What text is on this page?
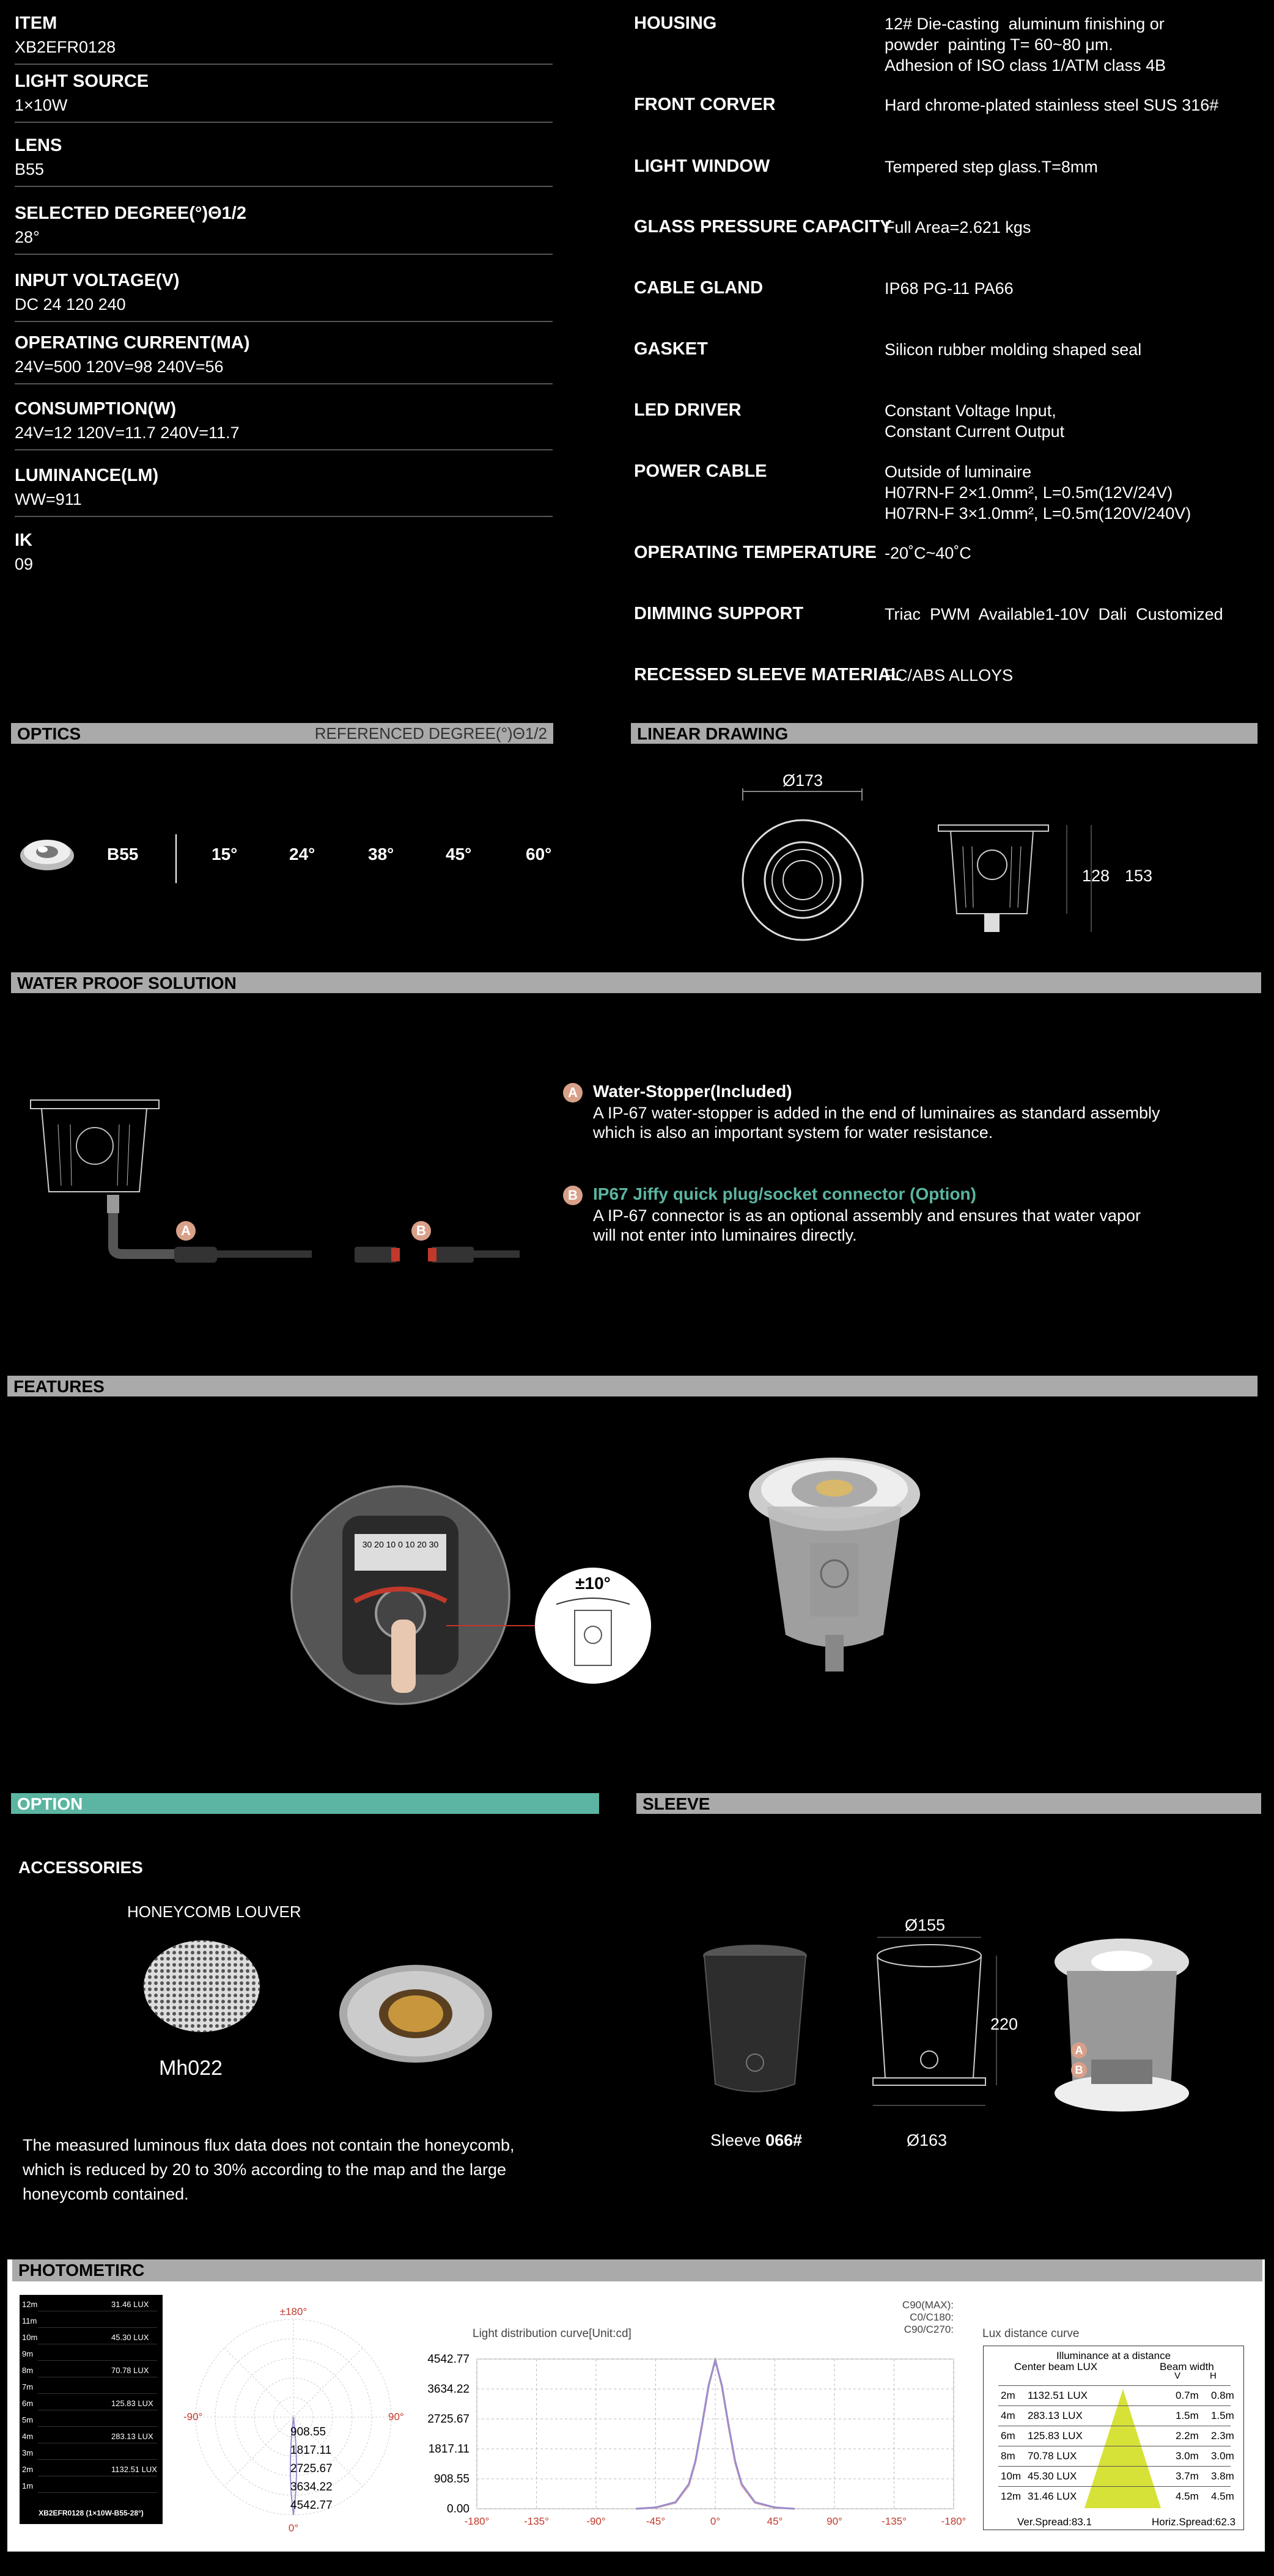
ITEM
XB2EFR0128
LIGHT SOURCE
1×10W
LENS
B55
SELECTED DEGREE(°)Θ1/2
28°
INPUT VOLTAGE(V)
DC 24 120 240
OPERATING CURRENT(MA)
24V=500 120V=98 240V=56
CONSUMPTION(W)
24V=12 120V=11.7 240V=11.7
LUMINANCE(LM)
WW=911
IK
09
HOUSING	12# Die-casting  aluminum finishing or
powder  painting T= 60~80 μm.
Adhesion of ISO class 1/ATM class 4B
FRONT CORVER	Hard chrome-plated stainless steel SUS 316#
LIGHT WINDOW	Tempered step glass.T=8mm
GLASS PRESSURE CAPACITY
Full Area=2.621 kgs
CABLE GLAND	IP68 PG-11 PA66
GASKET	Silicon rubber molding shaped seal
LED DRIVER	Constant Voltage Input,
Constant Current Output
POWER CABLE	Outside of luminaire
H07RN-F 2×1.0mm², L=0.5m(12V/24V)
H07RN-F 3×1.0mm², L=0.5m(120V/240V)
OPERATING TEMPERATURE -20˚C~40˚C
DIMMING SUPPORT	Triac  PWM  Available1-10V  Dali  Customized
RECESSED SLEEVE MATERIAL
PC/ABS ALLOYS
OPTICS	REFERENCED DEGREE(°)Θ1/2	LINEAR DRAWING
B55	15°	24°	38°	45°	60°
Ø173
128 153
WATER PROOF SOLUTION
A	B
A Water-Stopper(Included)
A IP-67 water-stopper is added in the end of luminaires as standard assembly
which is also an important system for water resistance.
B IP67 Jiffy quick plug/socket connector (Option)
A IP-67 connector is as an optional assembly and ensures that water vapor
will not enter into luminaires directly.
FEATURES
30 20 10 0 10 20 30
±10°
OPTION	SLEEVE
ACCESSORIES
HONEYCOMB LOUVER
Mh022
The measured luminous flux data does not contain the honeycomb,
which is reduced by 20 to 30% according to the map and the large
honeycomb contained.
Sleeve 066#
Ø155
220
Ø163
A
B
PHOTOMETIRC
12m	31.46 LUX
11m
10m	45.30 LUX
9m
8m	70.78 LUX
7m
6m	125.83 LUX
5m
4m	283.13 LUX
3m
2m	1132.51 LUX
1m
XB2EFR0128 (1×10W-B55-28°)
±180°
-90°	90°
0°
908.55
1817.11
2725.67
3634.22
4542.77
Light distribution curve[Unit:cd]
C90(MAX):
C0/C180:
C90/C270:
4542.77
3634.22
2725.67
1817.11
908.55
0.00
-180°	-135°	-90°	-45°	0°	45°	90°	-135°	-180°
Lux distance curve
Illuminance at a distance
Center beam LUX	Beam width
V	H
2m 1132.51 LUX	0.7m 0.8m
4m 283.13 LUX	1.5m 1.5m
6m 125.83 LUX	2.2m 2.3m
8m 70.78 LUX	3.0m 3.0m
10m 45.30 LUX	3.7m 3.8m
12m 31.46 LUX	4.5m 4.5m
Ver.Spread:83.1	Horiz.Spread:62.3
